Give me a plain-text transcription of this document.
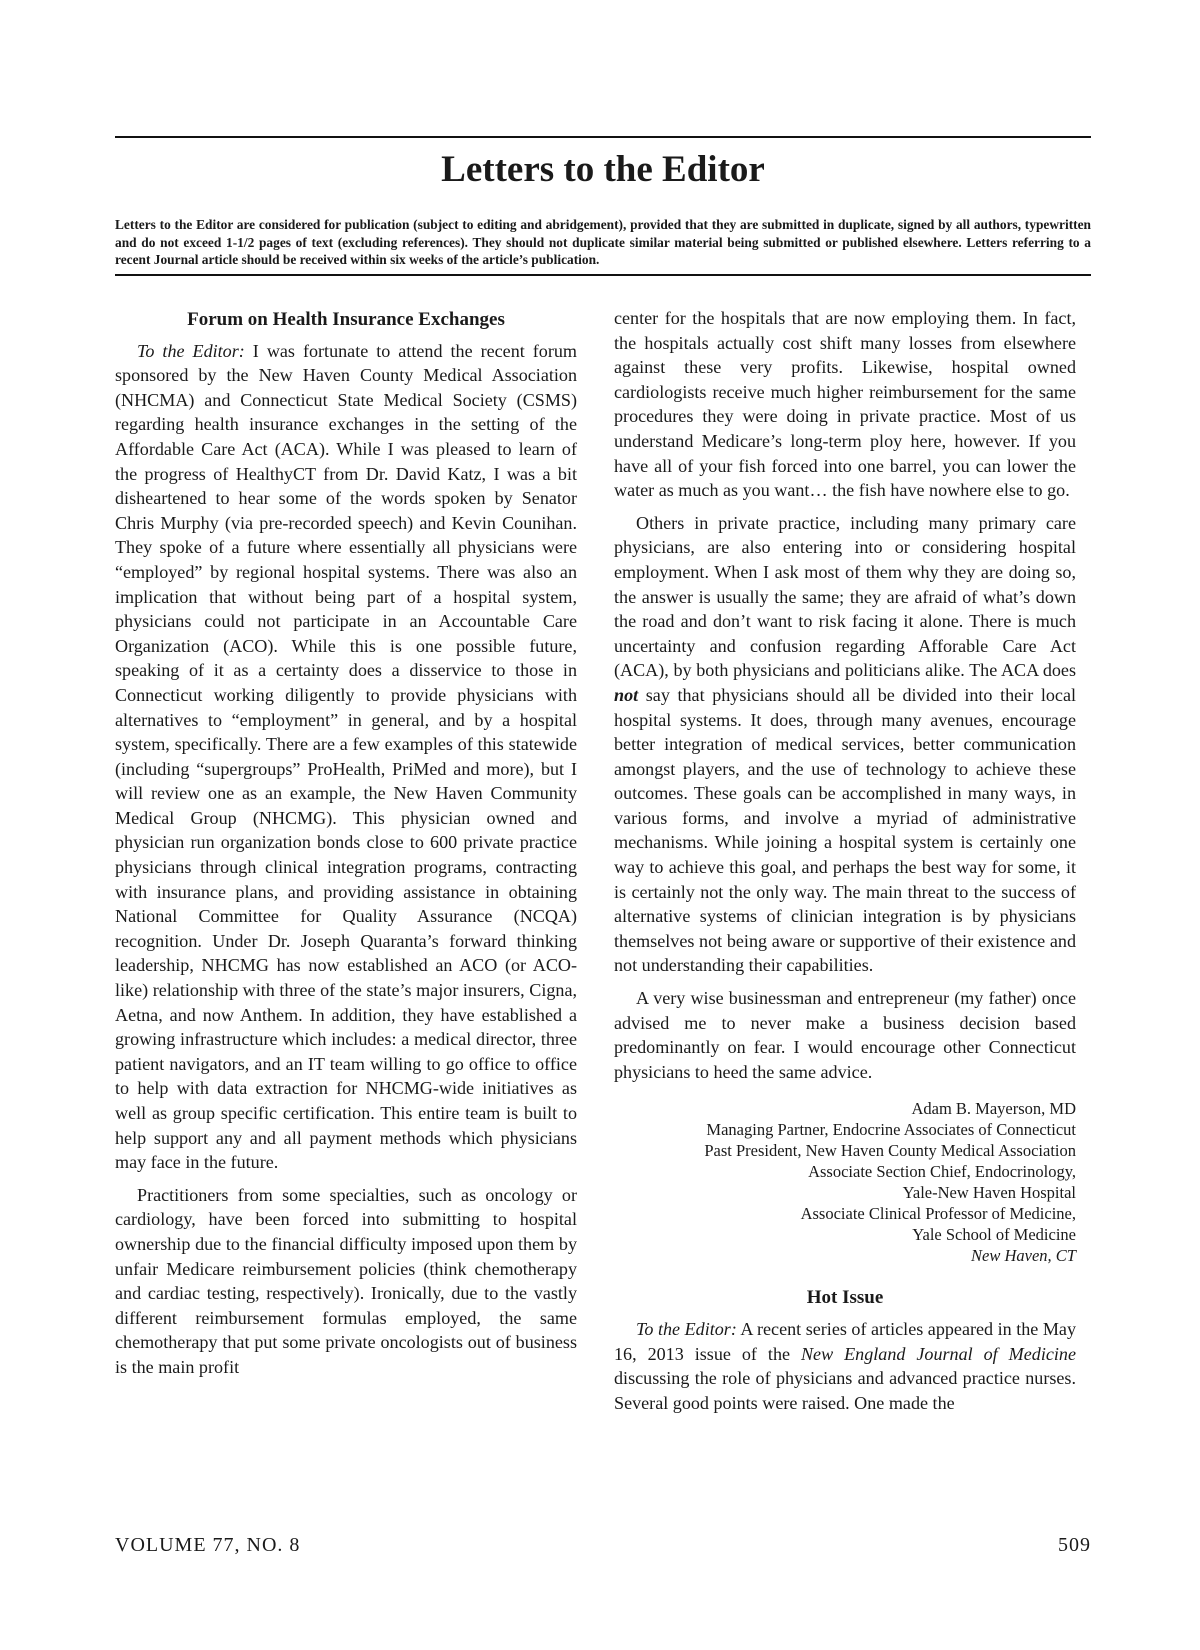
Letters to the Editor

Letters to the Editor are considered for publication (subject to editing and abridgement), provided that they are submitted in duplicate, signed by all authors, typewritten and do not exceed 1-1/2 pages of text (excluding references). They should not duplicate similar material being submitted or published elsewhere. Letters referring to a recent Journal article should be received within six weeks of the article’s publication.

Forum on Health Insurance Exchanges

To the Editor: I was fortunate to attend the recent forum sponsored by the New Haven County Medical Association (NHCMA) and Connecticut State Medical Society (CSMS) regarding health insurance exchanges in the setting of the Affordable Care Act (ACA). While I was pleased to learn of the progress of HealthyCT from Dr. David Katz, I was a bit disheartened to hear some of the words spoken by Senator Chris Murphy (via pre-recorded speech) and Kevin Counihan. They spoke of a future where essentially all physicians were “employed” by regional hospital systems. There was also an implication that without being part of a hospital system, physicians could not participate in an Accountable Care Organization (ACO). While this is one possible future, speaking of it as a certainty does a disservice to those in Connecticut working diligently to provide physicians with alternatives to “employment” in general, and by a hospital system, specifically. There are a few examples of this statewide (including “supergroups” ProHealth, PriMed and more), but I will review one as an example, the New Haven Community Medical Group (NHCMG). This physician owned and physician run organization bonds close to 600 private practice physicians through clinical integration programs, contracting with insurance plans, and providing assistance in obtaining National Committee for Quality Assurance (NCQA) recognition. Under Dr. Joseph Quaranta’s forward thinking leadership, NHCMG has now established an ACO (or ACO-like) relationship with three of the state’s major insurers, Cigna, Aetna, and now Anthem. In addition, they have established a growing infrastructure which includes: a medical director, three patient navigators, and an IT team willing to go office to office to help with data extraction for NHCMG-wide initiatives as well as group specific certification. This entire team is built to help support any and all payment methods which physicians may face in the future.

Practitioners from some specialties, such as oncology or cardiology, have been forced into submitting to hospital ownership due to the financial difficulty imposed upon them by unfair Medicare reimbursement policies (think chemotherapy and cardiac testing, respectively). Ironically, due to the vastly different reimbursement formulas employed, the same chemotherapy that put some private oncologists out of business is the main profit

center for the hospitals that are now employing them. In fact, the hospitals actually cost shift many losses from elsewhere against these very profits. Likewise, hospital owned cardiologists receive much higher reimbursement for the same procedures they were doing in private practice. Most of us understand Medicare’s long-term ploy here, however. If you have all of your fish forced into one barrel, you can lower the water as much as you want… the fish have nowhere else to go.

Others in private practice, including many primary care physicians, are also entering into or considering hospital employment. When I ask most of them why they are doing so, the answer is usually the same; they are afraid of what’s down the road and don’t want to risk facing it alone. There is much uncertainty and confusion regarding Afforable Care Act (ACA), by both physicians and politicians alike. The ACA does not say that physicians should all be divided into their local hospital systems. It does, through many avenues, encourage better integration of medical services, better communication amongst players, and the use of technology to achieve these outcomes. These goals can be accomplished in many ways, in various forms, and involve a myriad of administrative mechanisms. While joining a hospital system is certainly one way to achieve this goal, and perhaps the best way for some, it is certainly not the only way. The main threat to the success of alternative systems of clinician integration is by physicians themselves not being aware or supportive of their existence and not understanding their capabilities.

A very wise businessman and entrepreneur (my father) once advised me to never make a business decision based predominantly on fear. I would encourage other Connecticut physicians to heed the same advice.

Adam B. Mayerson, MD
Managing Partner, Endocrine Associates of Connecticut
Past President, New Haven County Medical Association
Associate Section Chief, Endocrinology,
Yale-New Haven Hospital
Associate Clinical Professor of Medicine,
Yale School of Medicine
New Haven, CT
Hot Issue

To the Editor: A recent series of articles appeared in the May 16, 2013 issue of the New England Journal of Medicine discussing the role of physicians and advanced practice nurses. Several good points were raised. One made the

VOLUME 77, NO. 8	509
